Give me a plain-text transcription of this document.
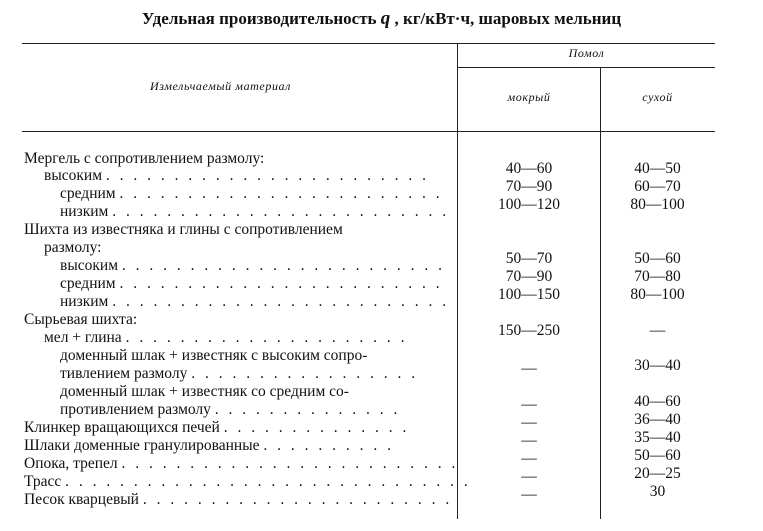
Удельная производительность q , кг/кВт·ч, шаровых мельниц
Измельчаемый материал
Помол
мокрый	сухой
Мергель с сопротивлением размолу:
высоким . . . . . . . . . . . . . . . . . . . . . . . .	40—60	40—50
средним . . . . . . . . . . . . . . . . . . . . . . . .	70—90	60—70
низким . . . . . . . . . . . . . . . . . . . . . . . . .	100—120	80—100
Шихта из известняка и глины с сопротивлением
размолу:
высоким . . . . . . . . . . . . . . . . . . . . . . . .	50—70	50—60
средним . . . . . . . . . . . . . . . . . . . . . . . .	70—90	70—80
низким . . . . . . . . . . . . . . . . . . . . . . . . .	100—150	80—100
Сырьевая шихта:
мел + глина . . . . . . . . . . . . . . . . . . . . .	150—250	—
доменный шлак + известняк с высоким сопро-
тивлением размолу . . . . . . . . . . . . . . . . .	—	30—40
доменный шлак + известняк со средним со-
противлением размолу . . . . . . . . . . . . . .	—	40—60
Клинкер вращающихся печей . . . . . . . . . . . . . .	—	36—40
Шлаки доменные гранулированные . . . . . . . . . .	—	35—40
Опока, трепел . . . . . . . . . . . . . . . . . . . . . . . . .	—	50—60
Трасс . . . . . . . . . . . . . . . . . . . . . . . . . . . . . .	—	20—25
Песок кварцевый . . . . . . . . . . . . . . . . . . . . . . .	—	30
